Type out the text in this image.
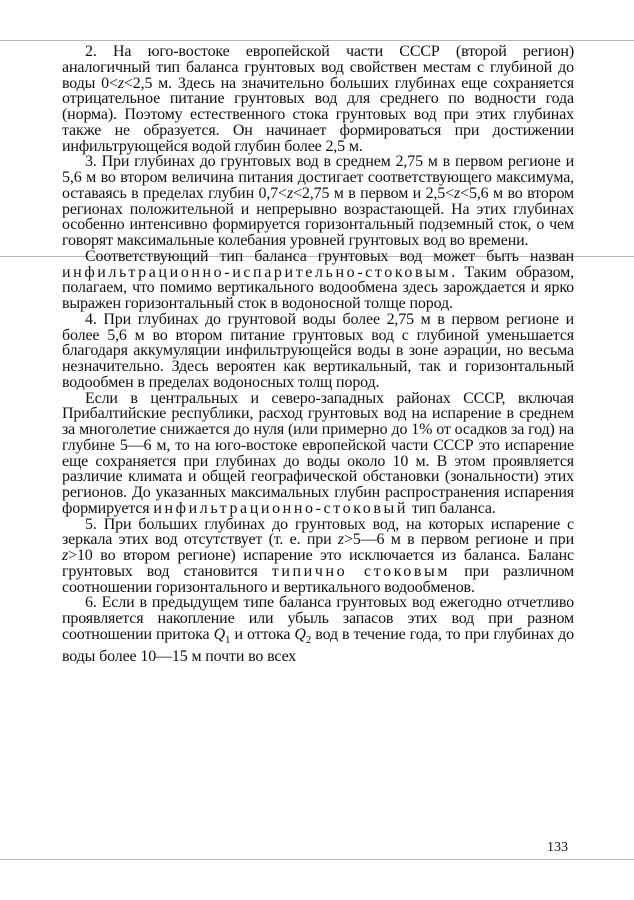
2. На юго-востоке европейской части СССР (второй регион) аналогичный тип баланса грунтовых вод свойствен местам с глубиной до воды 0<z<2,5 м. Здесь на значительно больших глубинах еще сохраняется отрицательное питание грунтовых вод для среднего по водности года (норма). Поэтому естественного стока грунтовых вод при этих глубинах также не образуется. Он начинает формироваться при достижении инфильтрующейся водой глубин более 2,5 м.

3. При глубинах до грунтовых вод в среднем 2,75 м в первом регионе и 5,6 м во втором величина питания достигает соответствующего максимума, оставаясь в пределах глубин 0,7<z<2,75 м в первом и 2,5<z<5,6 м во втором регионах положительной и непрерывно возрастающей. На этих глубинах особенно интенсивно формируется горизонтальный подземный сток, о чем говорят максимальные колебания уровней грунтовых вод во времени.

Соответствующий тип баланса грунтовых вод может быть назван инфильтрационно-испарительно-стоковым. Таким образом, полагаем, что помимо вертикального водообмена здесь зарождается и ярко выражен горизонтальный сток в водоносной толще пород.

4. При глубинах до грунтовой воды более 2,75 м в первом регионе и более 5,6 м во втором питание грунтовых вод с глубиной уменьшается благодаря аккумуляции инфильтрующейся воды в зоне аэрации, но весьма незначительно. Здесь вероятен как вертикальный, так и горизонтальный водообмен в пределах водоносных толщ пород.

Если в центральных и северо-западных районах СССР, включая Прибалтийские республики, расход грунтовых вод на испарение в среднем за многолетие снижается до нуля (или примерно до 1% от осадков за год) на глубине 5—6 м, то на юго-востоке европейской части СССР это испарение еще сохраняется при глубинах до воды около 10 м. В этом проявляется различие климата и общей географической обстановки (зональности) этих регионов. До указанных максимальных глубин распространения испарения формируется инфильтрационно-стоковый тип баланса.

5. При больших глубинах до грунтовых вод, на которых испарение с зеркала этих вод отсутствует (т. е. при z>5—6 м в первом регионе и при z>10 во втором регионе) испарение это исключается из баланса. Баланс грунтовых вод становится типично стоковым при различном соотношении горизонтального и вертикального водообменов.

6. Если в предыдущем типе баланса грунтовых вод ежегодно отчетливо проявляется накопление или убыль запасов этих вод при разном соотношении притока $Q_1$ и оттока $Q_2$ вод в течение года, то при глубинах до воды более 10—15 м почти во всех

133
